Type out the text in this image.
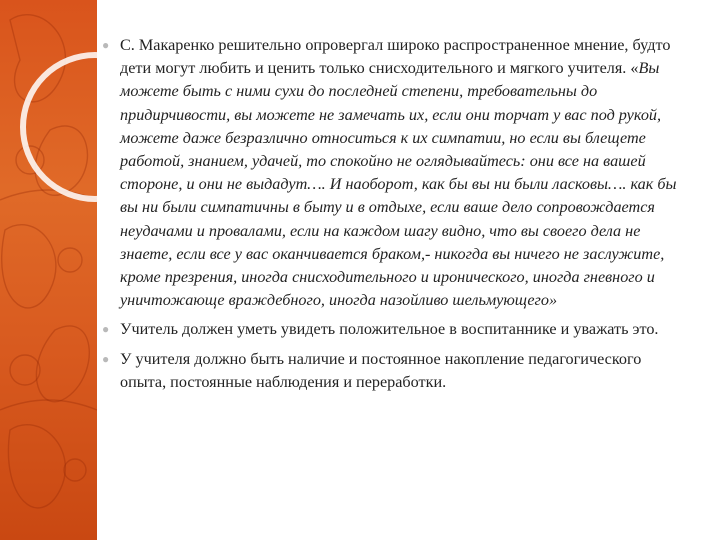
● С. Макаренко решительно опровергал широко распространенное мнение, будто дети могут любить и ценить только снисходительного и мягкого учителя. «Вы можете быть с ними сухи до последней степени, требовательны до придирчивости, вы можете не замечать их, если они торчат у вас под рукой, можете даже безразлично относиться к их симпатии, но если вы блещете работой, знанием, удачей, то спокойно не оглядывайтесь: они все на вашей стороне, и они не выдадут…. И наоборот, как бы вы ни были ласковы…. как бы вы ни были симпатичны в быту и в отдыхе, если ваше дело сопровождается неудачами и провалами, если на каждом шагу видно, что вы своего дела не знаете, если все у вас оканчивается браком,- никогда вы ничего не заслужите, кроме презрения, иногда снисходительного и иронического, иногда гневного и уничтожающе враждебного, иногда назойливо шельмующего»
● Учитель должен уметь увидеть положительное в воспитаннике и уважать это.
● У учителя должно быть наличие и постоянное накопление педагогического опыта, постоянные наблюдения и переработки.
